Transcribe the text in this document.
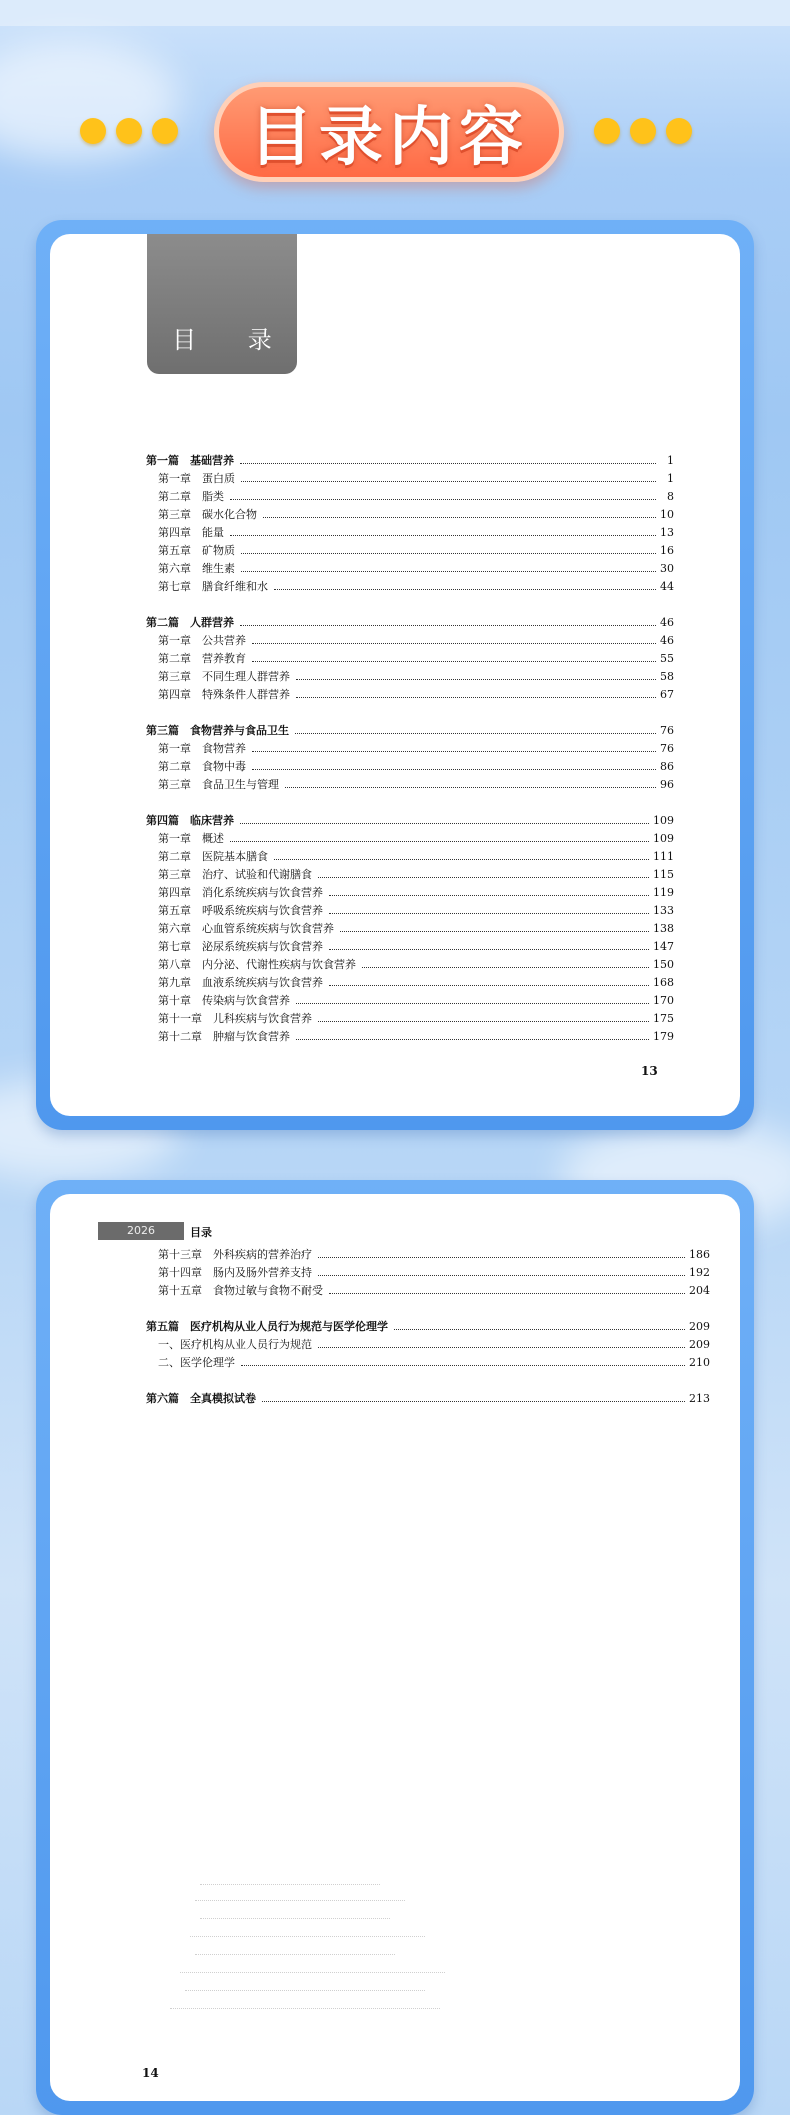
目录内容
目 录
第一篇　基础营养	1
第一章　蛋白质	1
第二章　脂类	8
第三章　碳水化合物	10
第四章　能量	13
第五章　矿物质	16
第六章　维生素	30
第七章　膳食纤维和水	44
第二篇　人群营养	46
第一章　公共营养	46
第二章　营养教育	55
第三章　不同生理人群营养	58
第四章　特殊条件人群营养	67
第三篇　食物营养与食品卫生	76
第一章　食物营养	76
第二章　食物中毒	86
第三章　食品卫生与管理	96
第四篇　临床营养	109
第一章　概述	109
第二章　医院基本膳食	111
第三章　治疗、试验和代谢膳食	115
第四章　消化系统疾病与饮食营养	119
第五章　呼吸系统疾病与饮食营养	133
第六章　心血管系统疾病与饮食营养	138
第七章　泌尿系统疾病与饮食营养	147
第八章　内分泌、代谢性疾病与饮食营养	150
第九章　血液系统疾病与饮食营养	168
第十章　传染病与饮食营养	170
第十一章　儿科疾病与饮食营养	175
第十二章　肿瘤与饮食营养	179
13
2026	目录
第十三章　外科疾病的营养治疗	186
第十四章　肠内及肠外营养支持	192
第十五章　食物过敏与食物不耐受	204
第五篇　医疗机构从业人员行为规范与医学伦理学	209
一、医疗机构从业人员行为规范	209
二、医学伦理学	210
第六篇　全真模拟试卷	213
14
